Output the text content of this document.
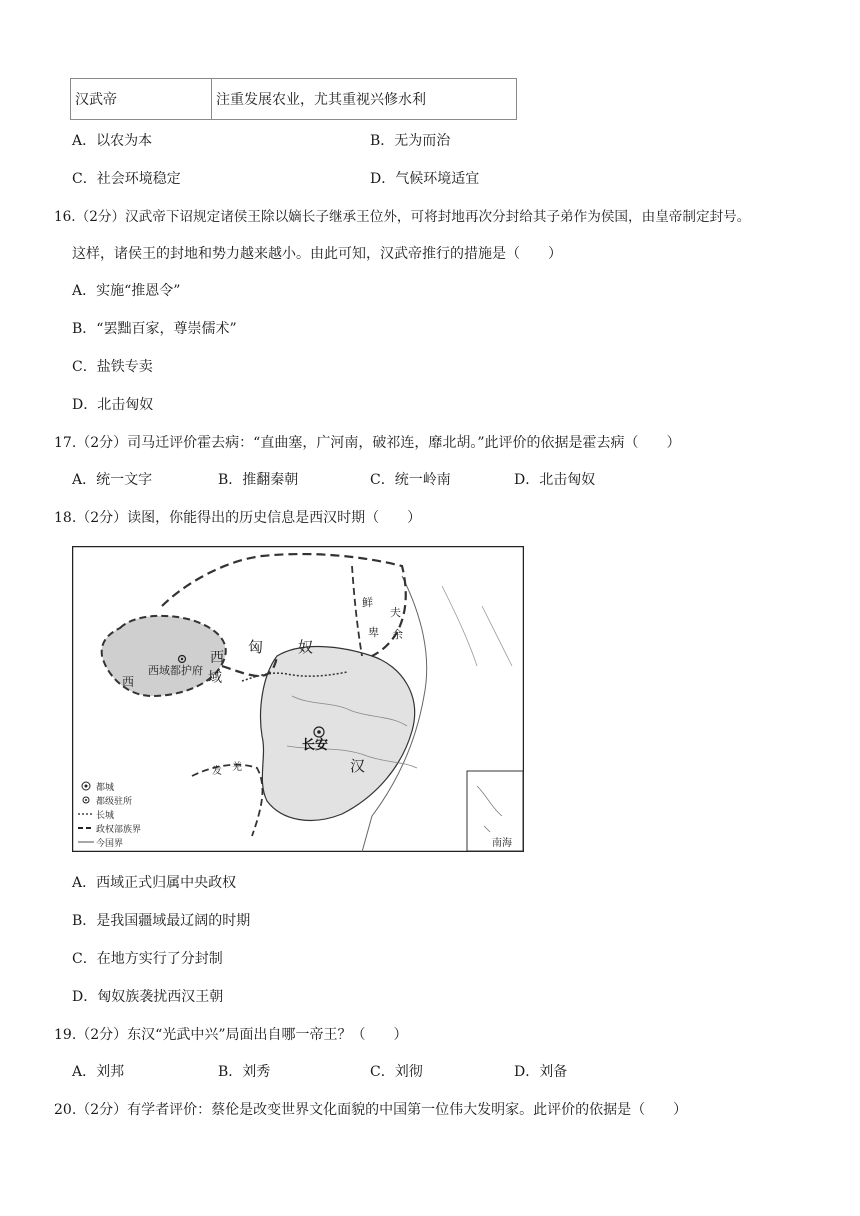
汉武帝	注重发展农业，尤其重视兴修水利
A．以农为本	B．无为而治
C．社会环境稳定	D．气候环境适宜
16.（2分）汉武帝下诏规定诸侯王除以嫡长子继承王位外，可将封地再次分封给其子弟作为侯国，由皇帝制定封号。
这样，诸侯王的封地和势力越来越小。由此可知，汉武帝推行的措施是（　　）
A．实施“推恩令”
B．“罢黜百家，尊崇儒术”
C．盐铁专卖
D．北击匈奴
17.（2分）司马迁评价霍去病：“直曲塞，广河南，破祁连，靡北胡。”此评价的依据是霍去病（　　）
A．统一文字	B．推翻秦朝	C．统一岭南	D．北击匈奴
18.（2分）读图，你能得出的历史信息是西汉时期（　　）
匈 奴
西
域
西
西域都护府
长安
汉
鲜
卑
夫
余
发 羌
南海
都城
都级驻所
长城
政权部族界
今国界
A．西域正式归属中央政权
B．是我国疆域最辽阔的时期
C．在地方实行了分封制
D．匈奴族袭扰西汉王朝
19.（2分）东汉“光武中兴”局面出自哪一帝王？（　　）
A．刘邦	B．刘秀	C．刘彻	D．刘备
20.（2分）有学者评价：蔡伦是改变世界文化面貌的中国第一位伟大发明家。此评价的依据是（　　）
